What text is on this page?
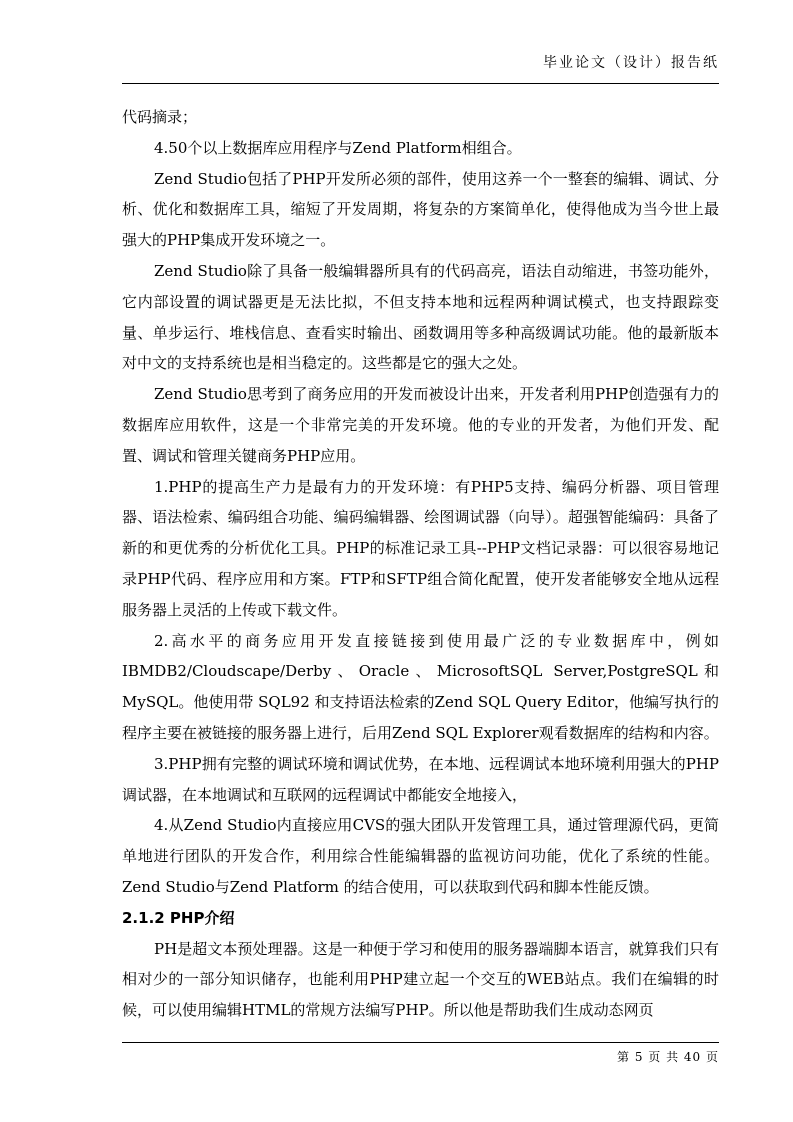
毕业论文（设计）报告纸

代码摘录；

4.50个以上数据库应用程序与Zend Platform相组合。

Zend Studio包括了PHP开发所必须的部件，使用这养一个一整套的编辑、调试、分析、优化和数据库工具，缩短了开发周期，将复杂的方案简单化，使得他成为当今世上最强大的PHP集成开发环境之一。

Zend Studio除了具备一般编辑器所具有的代码高亮，语法自动缩进，书签功能外，它内部设置的调试器更是无法比拟，不但支持本地和远程两种调试模式，也支持跟踪变量、单步运行、堆栈信息、查看实时输出、函数调用等多种高级调试功能。他的最新版本对中文的支持系统也是相当稳定的。这些都是它的强大之处。

Zend Studio思考到了商务应用的开发而被设计出来，开发者利用PHP创造强有力的数据库应用软件，这是一个非常完美的开发环境。他的专业的开发者，为他们开发、配置、调试和管理关键商务PHP应用。

1.PHP的提高生产力是最有力的开发环境：有PHP5支持、编码分析器、项目管理器、语法检索、编码组合功能、编码编辑器、绘图调试器（向导）。超强智能编码：具备了新的和更优秀的分析优化工具。PHP的标准记录工具--PHP文档记录器：可以很容易地记录PHP代码、程序应用和方案。FTP和SFTP组合简化配置，使开发者能够安全地从远程服务器上灵活的上传或下载文件。

2.高水平的商务应用开发直接链接到使用最广泛的专业数据库中，例如IBMDB2/Cloudscape/Derby、Oracle、MicrosoftSQL Server,PostgreSQL和MySQL。他使用带 SQL92 和支持语法检索的Zend SQL Query Editor，他编写执行的程序主要在被链接的服务器上进行，后用Zend SQL Explorer观看数据库的结构和内容。

3.PHP拥有完整的调试环境和调试优势，在本地、远程调试本地环境利用强大的PHP调试器，在本地调试和互联网的远程调试中都能安全地接入，

4.从Zend Studio内直接应用CVS的强大团队开发管理工具，通过管理源代码，更简单地进行团队的开发合作，利用综合性能编辑器的监视访问功能，优化了系统的性能。Zend Studio与Zend Platform 的结合使用，可以获取到代码和脚本性能反馈。

2.1.2 PHP介绍

PH是超文本预处理器。这是一种便于学习和使用的服务器端脚本语言，就算我们只有相对少的一部分知识储存，也能利用PHP建立起一个交互的WEB站点。我们在编辑的时候，可以使用编辑HTML的常规方法编写PHP。所以他是帮助我们生成动态网页

第 5 页 共 40 页
